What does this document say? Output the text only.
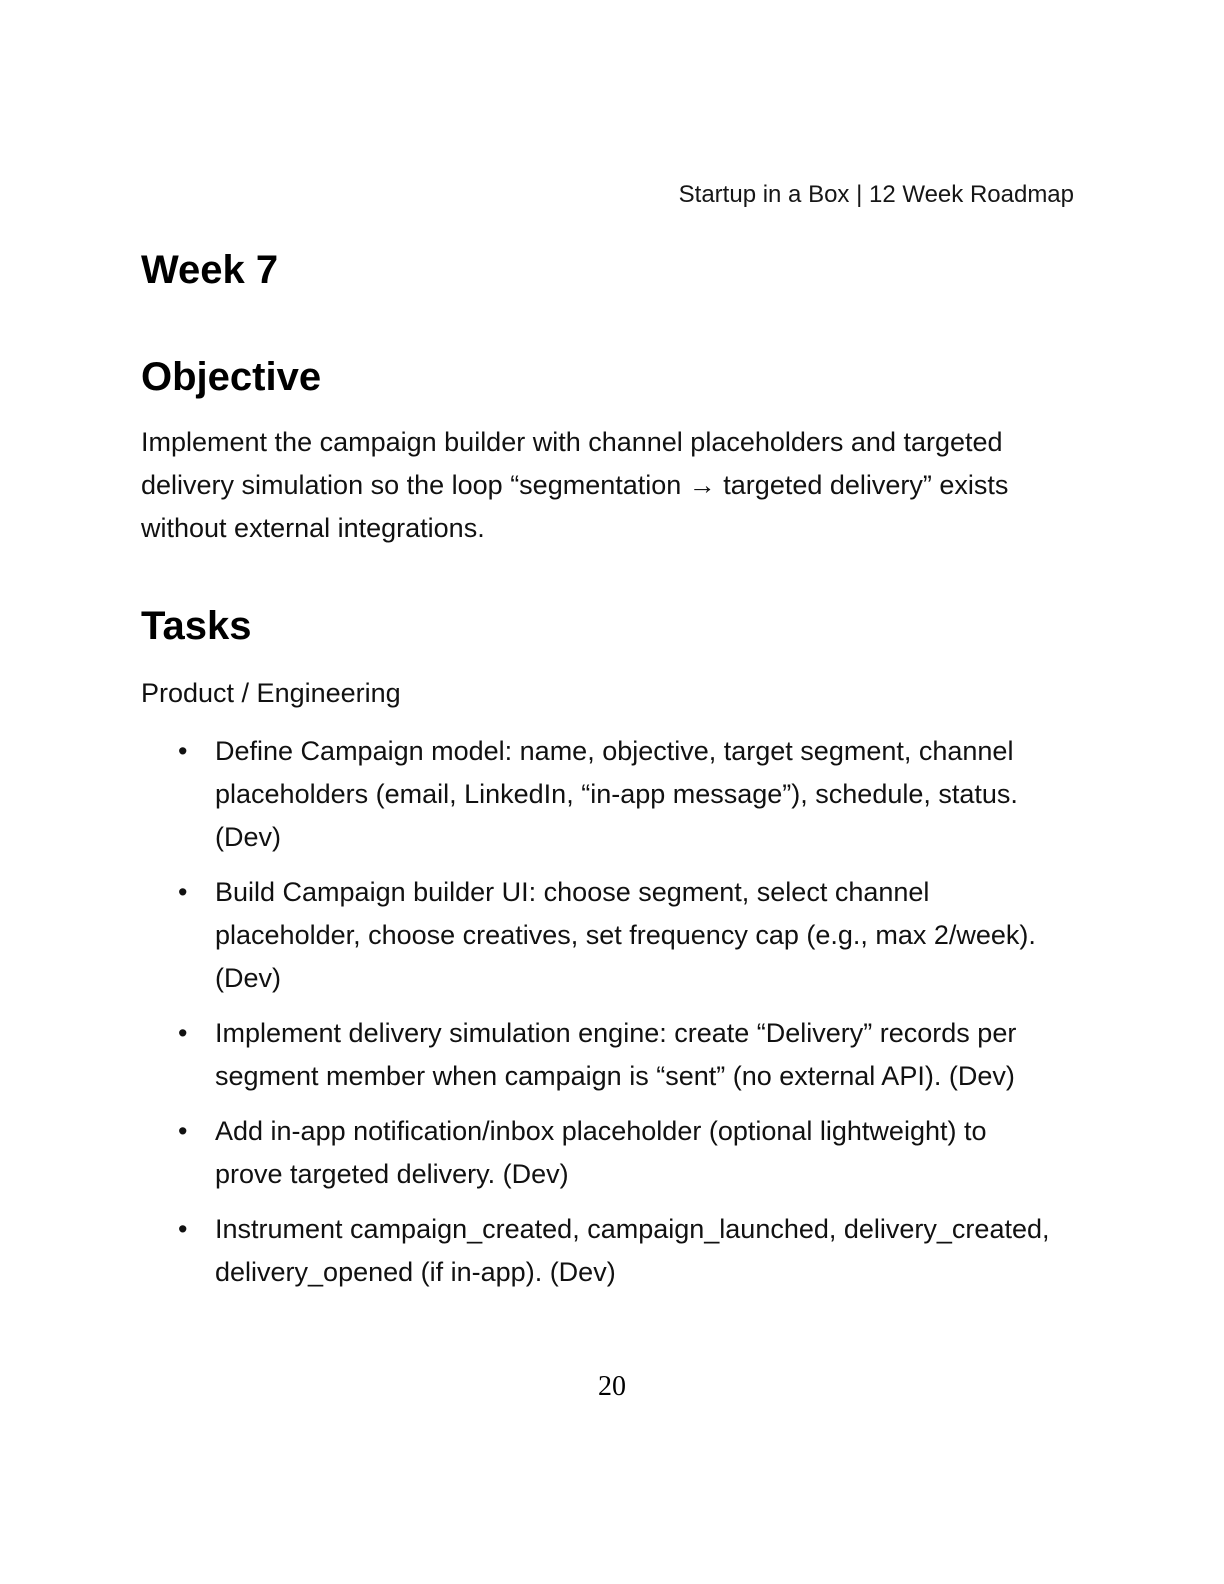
Startup in a Box | 12 Week Roadmap
Week 7
Objective
Implement the campaign builder with channel placeholders and targeted
delivery simulation so the loop “segmentation → targeted delivery” exists
without external integrations.
Tasks
Product / Engineering
• Define Campaign model: name, objective, target segment, channel
placeholders (email, LinkedIn, “in-app message”), schedule, status.
(Dev)
• Build Campaign builder UI: choose segment, select channel
placeholder, choose creatives, set frequency cap (e.g., max 2/week).
(Dev)
• Implement delivery simulation engine: create “Delivery” records per
segment member when campaign is “sent” (no external API). (Dev)
• Add in-app notification/inbox placeholder (optional lightweight) to
prove targeted delivery. (Dev)
• Instrument campaign_created, campaign_launched, delivery_created,
delivery_opened (if in-app). (Dev)
20
